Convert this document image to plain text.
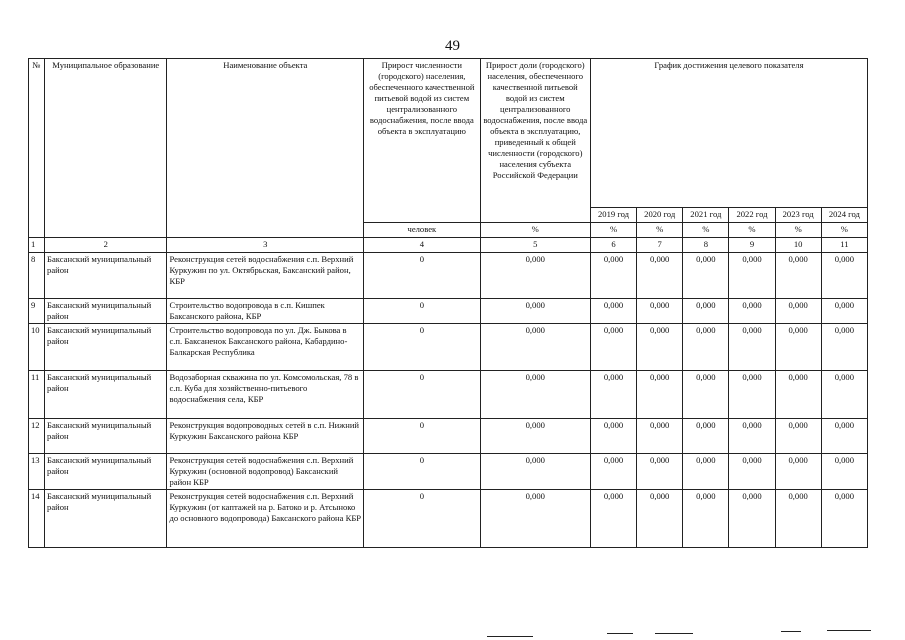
49
№	Муниципальное образование	Наименование объекта	Прирост численности (городского) населения, обеспеченного качественной питьевой водой из систем централизованного водоснабжения, после ввода объекта в эксплуатацию	Прирост доли (городского) населения, обеспеченного качественной питьевой водой из систем централизованного водоснабжения, после ввода объекта в эксплуатацию, приведенный к общей численности (городского) населения субъекта Российской Федерации	График достижения целевого показателя					
					2019 год	2020 год	2021 год	2022 год	2023 год	2024 год
			человек	%	%	%	%	%	%	%
1	2	3	4	5	6	7	8	9	10	11
8	Баксанский муниципальный район	Реконструкция сетей водоснабжения с.п. Верхний Куркужин по ул. Октябрьская, Баксанский район, КБР	0	0,000	0,000	0,000	0,000	0,000	0,000	0,000
9	Баксанский муниципальный район	Строительство водопровода в с.п. Кишпек Баксанского района, КБР	0	0,000	0,000	0,000	0,000	0,000	0,000	0,000
10	Баксанский муниципальный район	Строительство водопровода по ул. Дж. Быкова в с.п. Баксаненок Баксанского района, Кабардино-Балкарская Республика	0	0,000	0,000	0,000	0,000	0,000	0,000	0,000
11	Баксанский муниципальный район	Водозаборная скважина по ул. Комсомольская, 78 в с.п. Куба для хозяйственно-питьевого водоснабжения села, КБР	0	0,000	0,000	0,000	0,000	0,000	0,000	0,000
12	Баксанский муниципальный район	Реконструкция водопроводных сетей в с.п. Нижний Куркужин Баксанского района КБР	0	0,000	0,000	0,000	0,000	0,000	0,000	0,000
13	Баксанский муниципальный район	Реконструкция сетей водоснабжения с.п. Верхний Куркужин (основной водопровод) Баксанский район КБР	0	0,000	0,000	0,000	0,000	0,000	0,000	0,000
14	Баксанский муниципальный район	Реконструкция сетей водоснабжения с.п. Верхний Куркужин (от каптажей на р. Батоко и р. Атсыноко до основного водопровода) Баксанского района КБР	0	0,000	0,000	0,000	0,000	0,000	0,000	0,000
